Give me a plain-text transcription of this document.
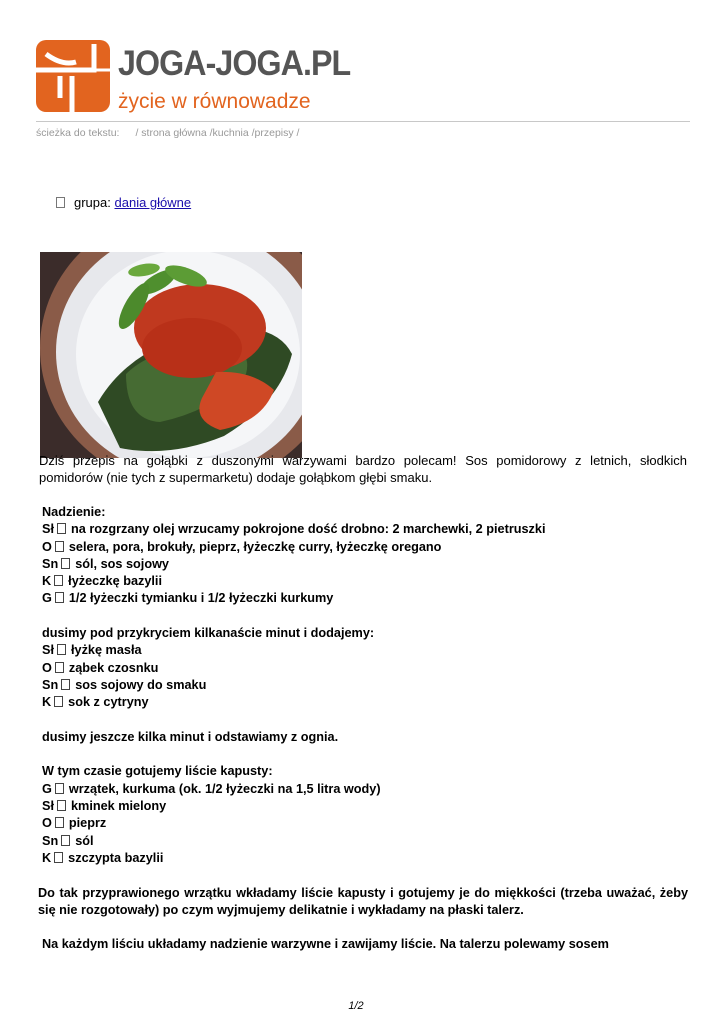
JOGA-JOGA.PL
życie w równowadze
ścieżka do tekstu: / strona główna /kuchnia /przepisy /
grupa: dania główne
Dziś przepis na gołąbki z duszonymi warzywami bardzo polecam! Sos pomidorowy z letnich, słodkich pomidorów (nie tych z supermarketu) dodaje gołąbkom głębi smaku.

Nadzienie:

Sł na rozgrzany olej wrzucamy pokrojone dość drobno: 2 marchewki, 2 pietruszki

O selera, pora, brokuły, pieprz, łyżeczkę curry, łyżeczkę oregano

Sn sól, sos sojowy

K łyżeczkę bazylii

G 1/2 łyżeczki tymianku i 1/2 łyżeczki kurkumy

dusimy pod przykryciem kilkanaście minut i dodajemy:

Sł łyżkę masła

O ząbek czosnku

Sn sos sojowy do smaku

K sok z cytryny

dusimy jeszcze kilka minut i odstawiamy z ognia.

W tym czasie gotujemy liście kapusty:

G wrzątek, kurkuma (ok. 1/2 łyżeczki na 1,5 litra wody)

Sł kminek mielony

O pieprz

Sn sól

K szczypta bazylii

Do tak przyprawionego wrzątku wkładamy liście kapusty i gotujemy je do miękkości (trzeba uważać, żeby się nie rozgotowały) po czym wyjmujemy delikatnie i wykładamy na płaski talerz.

Na każdym liściu układamy nadzienie warzywne i zawijamy liście. Na talerzu polewamy sosem

1/2
